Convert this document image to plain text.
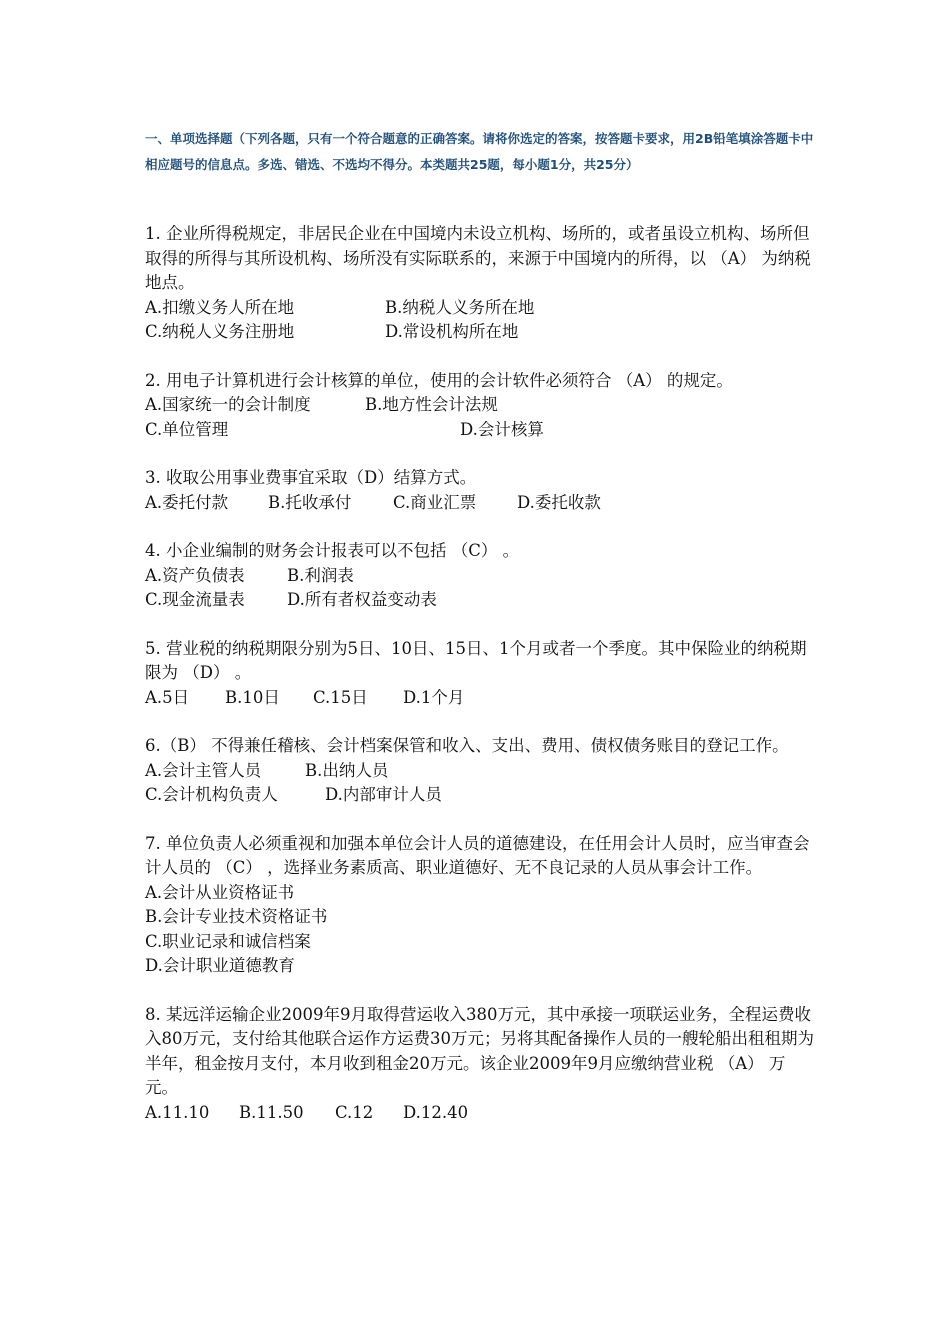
一、单项选择题（下列各题，只有一个符合题意的正确答案。请将你选定的答案，按答题卡要求，用2B铅笔填涂答题卡中相应题号的信息点。多选、错选、不选均不得分。本类题共25题，每小题1分，共25分）
1. 企业所得税规定，非居民企业在中国境内未设立机构、场所的，或者虽设立机构、场所但取得的所得与其所设机构、场所没有实际联系的，来源于中国境内的所得，以 （A） 为纳税地点。
A.扣缴义务人所在地	B.纳税人义务所在地
C.纳税人义务注册地	D.常设机构所在地
2. 用电子计算机进行会计核算的单位，使用的会计软件必须符合 （A） 的规定。
A.国家统一的会计制度	B.地方性会计法规
C.单位管理	D.会计核算
3. 收取公用事业费事宜采取（D）结算方式。
A.委托付款 B.托收承付	C.商业汇票 D.委托收款
4. 小企业编制的财务会计报表可以不包括 （C） 。
A.资产负债表	B.利润表
C.现金流量表	D.所有者权益变动表
5. 营业税的纳税期限分别为5日、10日、15日、1个月或者一个季度。其中保险业的纳税期限为 （D） 。
A.5日 B.10日 C.15日 D.1个月
6.（B） 不得兼任稽核、会计档案保管和收入、支出、费用、债权债务账目的登记工作。
A.会计主管人员	B.出纳人员
C.会计机构负责人	D.内部审计人员
7. 单位负责人必须重视和加强本单位会计人员的道德建设，在任用会计人员时，应当审查会计人员的 （C） ，选择业务素质高、职业道德好、无不良记录的人员从事会计工作。
A.会计从业资格证书
B.会计专业技术资格证书
C.职业记录和诚信档案
D.会计职业道德教育
8. 某远洋运输企业2009年9月取得营运收入380万元，其中承接一项联运业务，全程运费收入80万元，支付给其他联合运作方运费30万元；另将其配备操作人员的一艘轮船出租租期为半年，租金按月支付，本月收到租金20万元。该企业2009年9月应缴纳营业税 （A） 万元。
A.11.10 B.11.50 C.12 D.12.40
